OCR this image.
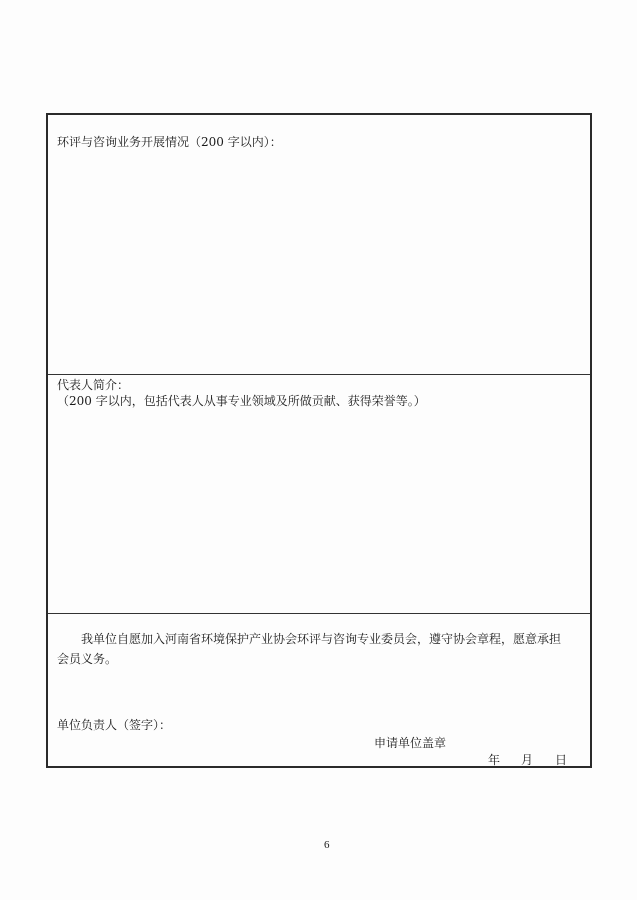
环评与咨询业务开展情况（200 字以内）：
代表人简介：
（200 字以内，包括代表人从事专业领域及所做贡献、获得荣誉等。）
我单位自愿加入河南省环境保护产业协会环评与咨询专业委员会，遵守协会章程，愿意承担
会员义务。
单位负责人（签字）：
申请单位盖章
年 月 日
6
